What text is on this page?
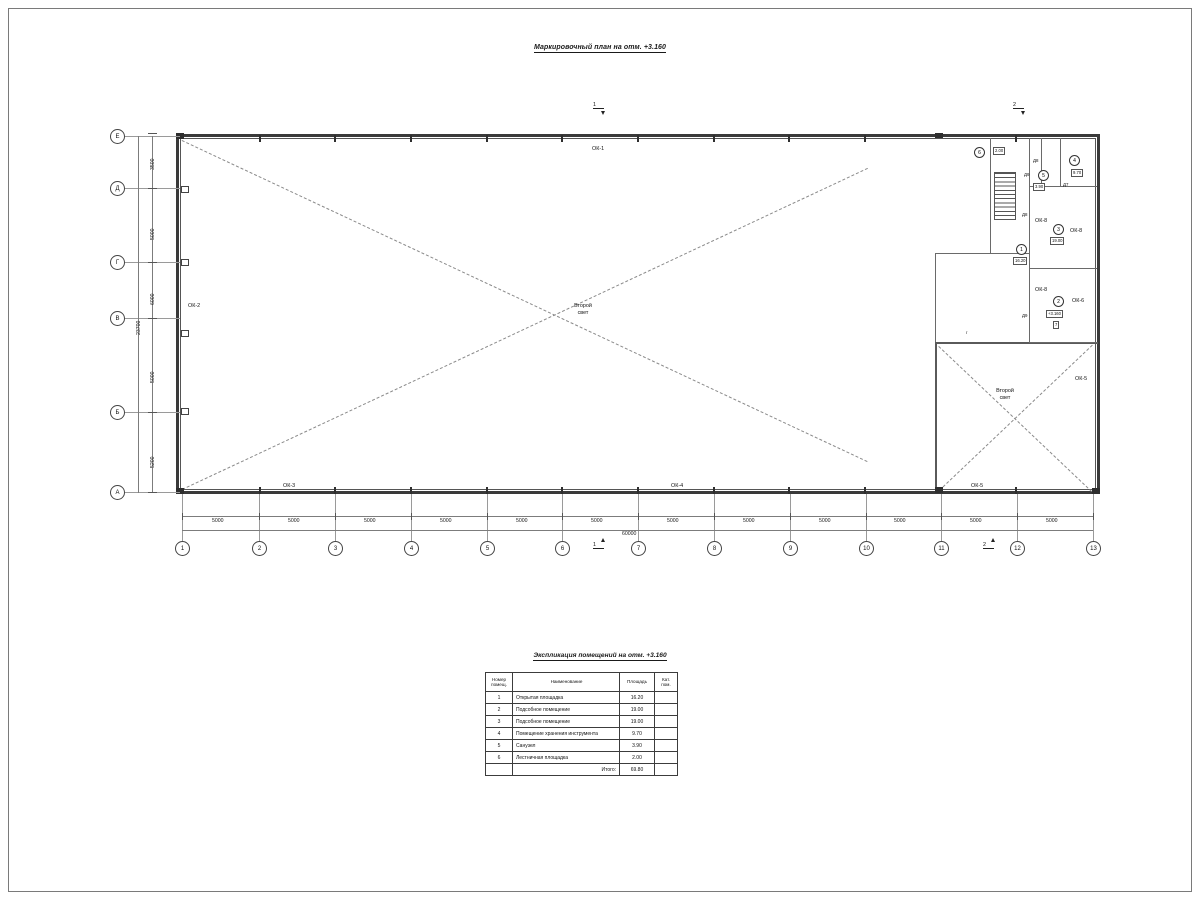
Маркировочный план на отм. +3.160
Второй
свет
Второй
свет
6	2.00
4
9.70
5
3.90
3
19.00
1
16.20
2
+3.160
7
Д9
Д8
Д7
Д8
Д9
г
ОК-1
ОК-2
ОК-3	ОК-4	ОК-5
ОК-5
ОК-6
ОК-8
ОК-8
ОК-8
1	2
1	2
Е
Д
Г
В
Б
А
3500
5000
6000
5000
5200
23700
1	2	3	4	5	6	7	8	9	10	11	12	13
5000	5000	5000	5000	5000	5000	5000	5000	5000	5000	5000	5000
60000
Экспликация помещений на отм. +3.160
Номер
помещ.	Наименование	Площадь	Кат.
пом.
1	Открытая площадка	16.20	
2	Подсобное помещение	19.00	
3	Подсобное помещение	19.00	
4	Помещение хранения инструмента	9.70	
5	Санузел	3.90	
6	Лестничная площадка	2.00	
	Итого:	69.80	
